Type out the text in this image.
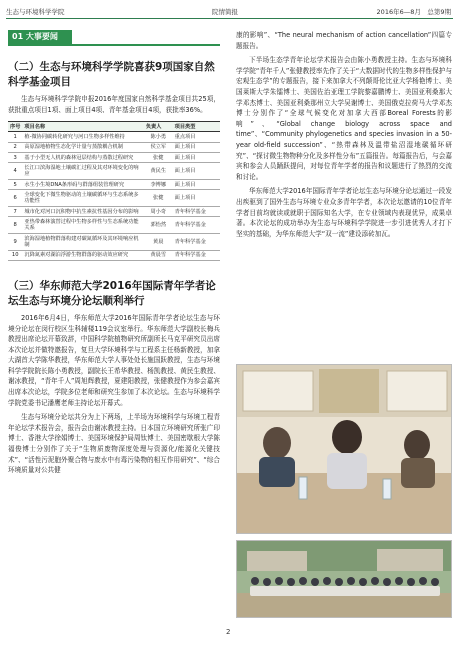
生态与环境科学学院	院情简报	2016年6—8月　总第9期
01 大事要闻
（二）生态与环境科学学院喜获9项国家自然科学基金项目

生态与环境科学学院申报2016年度国家自然科学基金项目共25项，获批重点项目1项、面上项目4项、青年基金项目4项，获批率36%。

序号	项目名称	负责人	项目类型
1	植-微协同碳转化研究与河口生物多样性维持	陈小勇	重点项目
2	高原湿地植物生态化学计量与蒸散耦合机制	侯立军	面上项目
3	基于小型无人机的森林冠层结构与蒸散过程研究	张健	面上项目
4	长江口滨海湿地土壤碳汇过程及其对环境变化的响应	黄民生	面上项目
5	水生小生境DNA条形码与群落组装管理研究	李博娜	面上项目
6	全球变化下微生物驱动的土壤碳循环与生态系统多功能性	张健	面上项目
7	城市化对河口沉积物中抗生素抗性基因分布的影响	周小奇	青年科学基金
8	亚热带森林演替过程中生物多样性与生态系统功能关系	郭怡然	青年科学基金
9	滨海湿地植物群落构建对碳氮循环及其环境响应机制	黄晨	青年科学基金
10	沉降氮素对湖泊浮游生物群落的驱动效应研究	黄晨雪	青年科学基金
（三）华东师范大学2016年国际青年学者论坛生态与环境分论坛顺利举行

2016年6月4日，华东师范大学2016年国际青年学者论坛生态与环境分论坛在闵行校区生科辅楼119会议室举行。华东师范大学副校长梅兵教授出席论坛开幕致辞，中国科学院植物研究所副所长马克平研究员出席本次论坛并做特邀报告，复旦大学环境科学与工程系主任杨新教授，加拿大湖首大学陈华教授，华东师范大学人事处处长施国跃教授，生态与环境科学学院院长陈小勇教授，副院长王希华教授、杨凯教授、黄民生教授、谢冰教授，“青年千人”周旭辉教授，夏建阳教授，张健教授作为参会嘉宾出席本次论坛，学院多位老师和研究生参加了本次论坛。生态与环境科学学院党委书记潘鹰老师主持论坛开幕式。

生态与环境分论坛共分为上下两场，上半场为环境科学与环境工程青年论坛学术报告会，报告会由谢冰教授主持。日本国立环境研究所张广印博士、香港大学徐娟博士、美国环境保护局周钛博士、美国密歇根大学陈福俊博士分别作了关于“生物质废物深度处理与资源化/能源化关键技术”、“活性污泥胞外聚合物与废水中有毒污染物的相互作用研究”、“综合环境质量对公共健

康的影响”、“The neural mechanism of action cancellation”四篇专题报告。

下半场生态学青年论坛学术报告会由陈小勇教授主持。生态与环境科学学院“青年千人”张健教授率先作了关于“大数据时代的生物多样性保护与宏观生态学”的专题报告，接下来加拿大不列颠哥伦比亚大学杨艳博士、美国莱斯大学朱镭博士、美国佐治亚理工学院黎嘉鹏博士、美国亚利桑那大学邓杰博士、美国亚利桑那州立大学吴谢博士、美国俄克拉荷马大学邓杰博士分别作了“全球气候变化对加拿大西部Boreal Forests的影响”、“Global change biology across space and time”、“Community phylogenetics and species invasion in a 50-year old-field succession”、“热带森林及温带盐沼湿地碳循环研究”、“探讨微生物物种分化及多样性分布”五篇报告。每篇报告后，与会嘉宾和参会人员踊跃提问，对每位青年学者的报告和议题进行了热烈的交流和讨论。

华东师范大学2016年国际青年学者论坛生态与环境分论坛通过一段发出疾驱到了国外生态与环境专业众多青年学者，本次论坛邀请的10位青年学者目前均就读或就职于国际知名大学，在专业领域内表现优异，成果卓著。本次论坛的成功举办为生态与环境科学学院进一步引进优秀人才打下坚实的基础，为华东师范大学“双一流”建设添砖加瓦。

2
